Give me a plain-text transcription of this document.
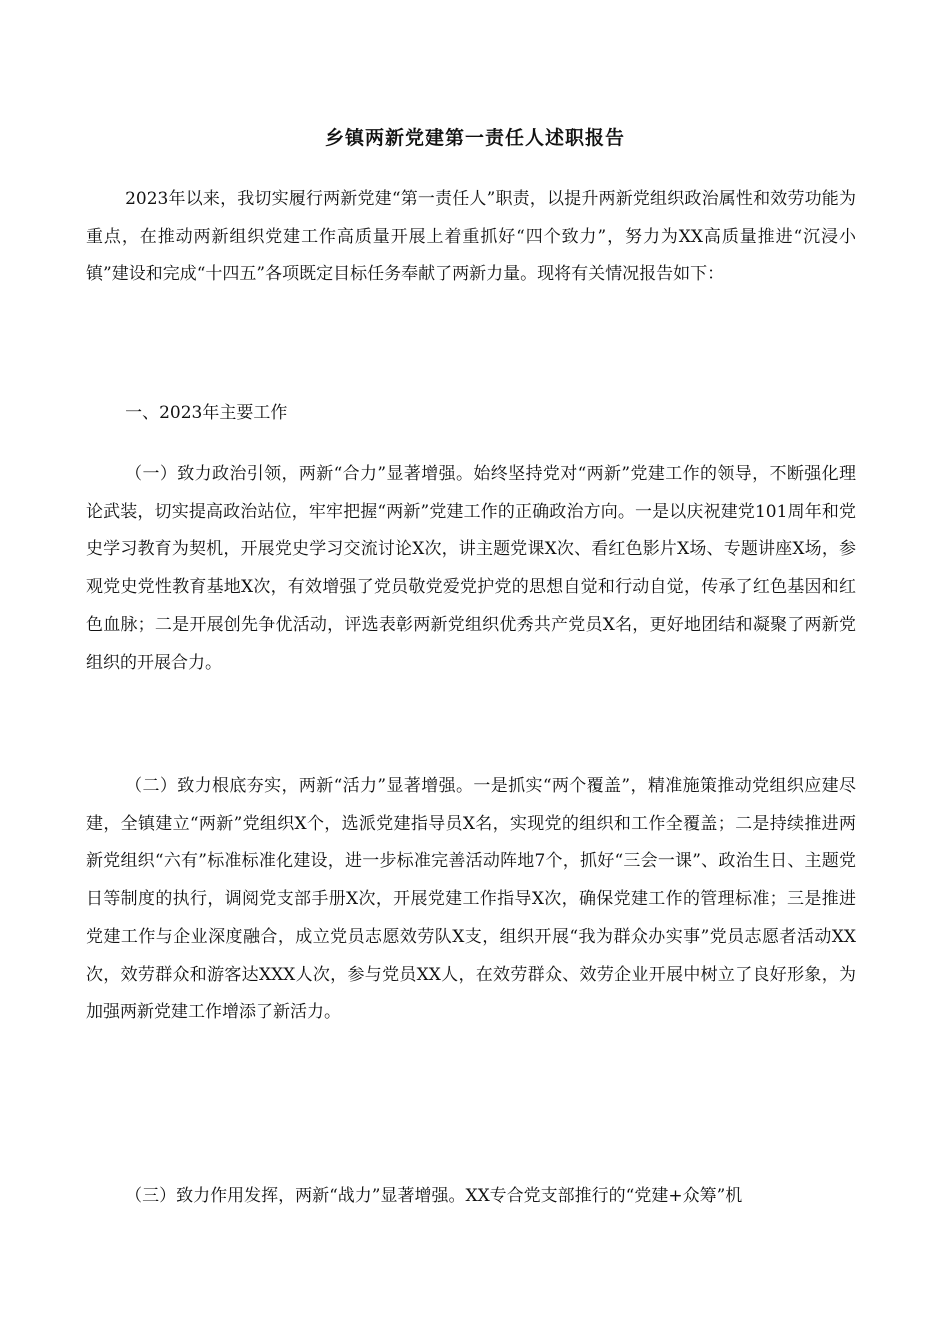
乡镇两新党建第一责任人述职报告

2023年以来，我切实履行两新党建“第一责任人”职责，以提升两新党组织政治属性和效劳功能为重点，在推动两新组织党建工作高质量开展上着重抓好“四个致力”，努力为XX高质量推进“沉浸小镇”建设和完成“十四五”各项既定目标任务奉献了两新力量。现将有关情况报告如下：

一、2023年主要工作

（一）致力政治引领，两新“合力”显著增强。始终坚持党对“两新”党建工作的领导，不断强化理论武装，切实提高政治站位，牢牢把握“两新”党建工作的正确政治方向。一是以庆祝建党101周年和党史学习教育为契机，开展党史学习交流讨论X次，讲主题党课X次、看红色影片X场、专题讲座X场，参观党史党性教育基地X次，有效增强了党员敬党爱党护党的思想自觉和行动自觉，传承了红色基因和红色血脉；二是开展创先争优活动，评选表彰两新党组织优秀共产党员X名，更好地团结和凝聚了两新党组织的开展合力。

（二）致力根底夯实，两新“活力”显著增强。一是抓实“两个覆盖”，精准施策推动党组织应建尽建，全镇建立“两新”党组织X个，选派党建指导员X名，实现党的组织和工作全覆盖；二是持续推进两新党组织“六有”标准标准化建设，进一步标准完善活动阵地7个，抓好“三会一课”、政治生日、主题党日等制度的执行，调阅党支部手册X次，开展党建工作指导X次，确保党建工作的管理标准；三是推进党建工作与企业深度融合，成立党员志愿效劳队X支，组织开展“我为群众办实事”党员志愿者活动XX次，效劳群众和游客达XXX人次，参与党员XX人，在效劳群众、效劳企业开展中树立了良好形象，为加强两新党建工作增添了新活力。

（三）致力作用发挥，两新“战力”显著增强。XX专合党支部推行的“党建+众筹”机
